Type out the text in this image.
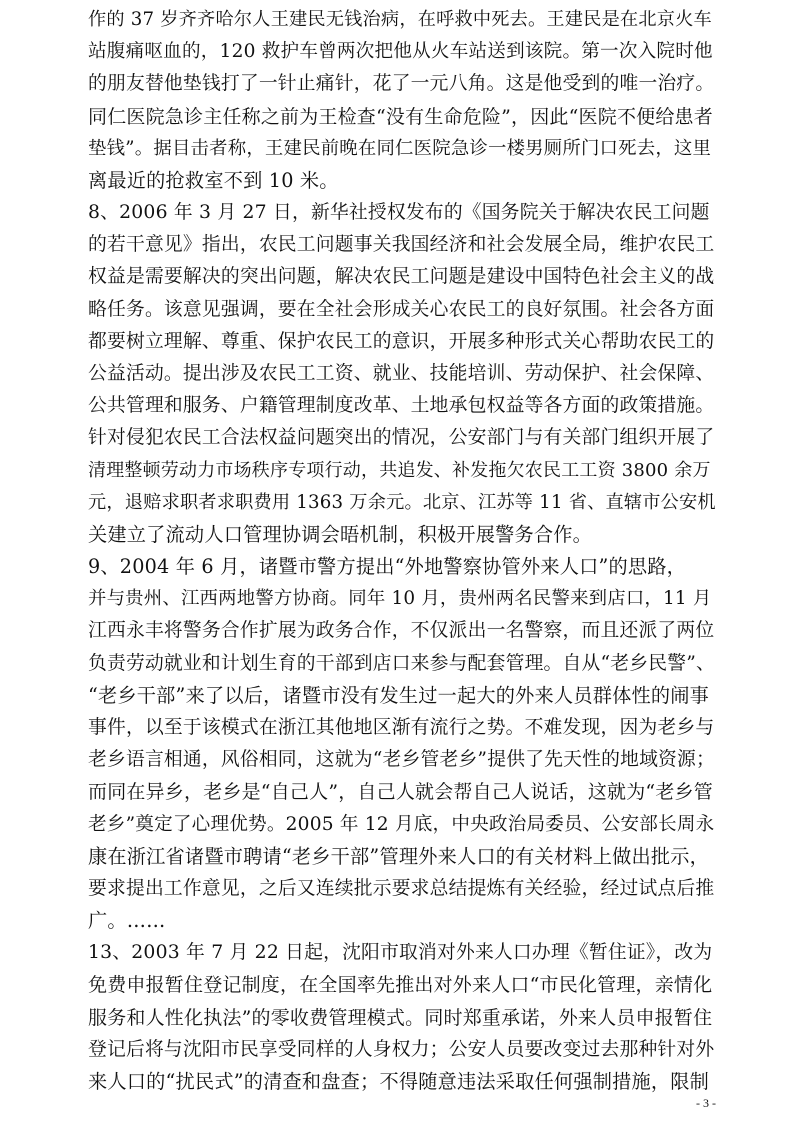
作的 37 岁齐齐哈尔人王建民无钱治病，在呼救中死去。王建民是在北京火车
站腹痛呕血的，120 救护车曾两次把他从火车站送到该院。第一次入院时他
的朋友替他垫钱打了一针止痛针，花了一元八角。这是他受到的唯一治疗。
同仁医院急诊主任称之前为王检查“没有生命危险”，因此“医院不便给患者
垫钱”。据目击者称，王建民前晚在同仁医院急诊一楼男厕所门口死去，这里
离最近的抢救室不到 10 米。
8、2006 年 3 月 27 日，新华社授权发布的《国务院关于解决农民工问题
的若干意见》指出，农民工问题事关我国经济和社会发展全局，维护农民工
权益是需要解决的突出问题，解决农民工问题是建设中国特色社会主义的战
略任务。该意见强调，要在全社会形成关心农民工的良好氛围。社会各方面
都要树立理解、尊重、保护农民工的意识，开展多种形式关心帮助农民工的
公益活动。提出涉及农民工工资、就业、技能培训、劳动保护、社会保障、
公共管理和服务、户籍管理制度改革、土地承包权益等各方面的政策措施。
针对侵犯农民工合法权益问题突出的情况，公安部门与有关部门组织开展了
清理整顿劳动力市场秩序专项行动，共追发、补发拖欠农民工工资 3800 余万
元，退赔求职者求职费用 1363 万余元。北京、江苏等 11 省、直辖市公安机
关建立了流动人口管理协调会晤机制，积极开展警务合作。
9、2004 年 6 月，诸暨市警方提出“外地警察协管外来人口”的思路，
并与贵州、江西两地警方协商。同年 10 月，贵州两名民警来到店口，11 月
江西永丰将警务合作扩展为政务合作，不仅派出一名警察，而且还派了两位
负责劳动就业和计划生育的干部到店口来参与配套管理。自从“老乡民警”、
“老乡干部”来了以后，诸暨市没有发生过一起大的外来人员群体性的闹事
事件，以至于该模式在浙江其他地区渐有流行之势。不难发现，因为老乡与
老乡语言相通，风俗相同，这就为“老乡管老乡”提供了先天性的地域资源；
而同在异乡，老乡是“自己人”，自己人就会帮自己人说话，这就为“老乡管
老乡”奠定了心理优势。2005 年 12 月底，中央政治局委员、公安部长周永
康在浙江省诸暨市聘请“老乡干部”管理外来人口的有关材料上做出批示，
要求提出工作意见，之后又连续批示要求总结提炼有关经验，经过试点后推
广。……
13、2003 年 7 月 22 日起，沈阳市取消对外来人口办理《暂住证》，改为
免费申报暂住登记制度，在全国率先推出对外来人口“市民化管理，亲情化
服务和人性化执法”的零收费管理模式。同时郑重承诺，外来人员申报暂住
登记后将与沈阳市民享受同样的人身权力；公安人员要改变过去那种针对外
来人口的“扰民式”的清查和盘查；不得随意违法采取任何强制措施，限制
- 3 -
